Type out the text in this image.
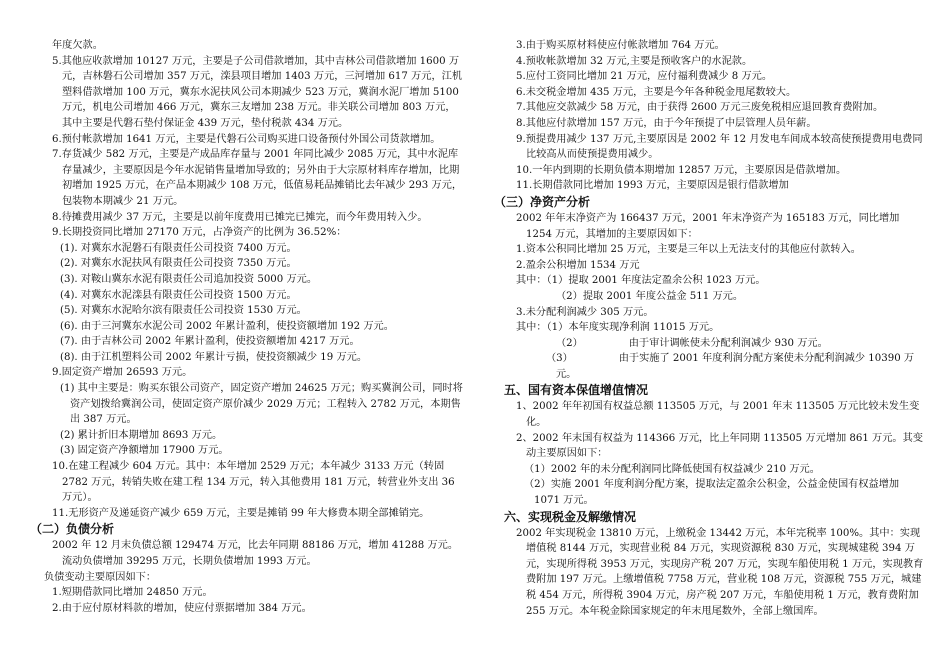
年度欠款。

5.其他应收款增加 10127 万元，主要是子公司借款增加，其中吉林公司借款增加 1600 万元，吉林磐石公司增加 357 万元，滦县项目增加 1403 万元，三河增加 617 万元，江机塑料借款增加 100 万元，冀东水泥扶风公司本期减少 523 万元，冀润水泥厂增加 5100 万元，机电公司增加 466 万元，冀东三友增加 238 万元。非关联公司增加 803 万元，其中主要是代磐石垫付保证金 439 万元，垫付税款 434 万元。

6.预付帐款增加 1641 万元，主要是代磐石公司购买进口设备预付外国公司货款增加。

7.存货减少 582 万元，主要是产成品库存量与 2001 年同比减少 2085 万元，其中水泥库存量减少，主要原因是今年水泥销售量增加导致的；另外由于大宗原材料库存增加，比期初增加 1925 万元，在产品本期减少 108 万元，低值易耗品摊销比去年减少 293 万元，包装物本期减少 21 万元。

8.待摊费用减少 37 万元，主要是以前年度费用已摊完已摊完，而今年费用转入少。

9.长期投资同比增加 27170 万元，占净资产的比例为 36.52%：

(1). 对冀东水泥磐石有限责任公司投资 7400 万元。

(2). 对冀东水泥扶风有限责任公司投资 7350 万元。

(3). 对鞍山冀东水泥有限责任公司追加投资 5000 万元。

(4). 对冀东水泥滦县有限责任公司投资 1500 万元。

(5). 对冀东水泥哈尔滨有限责任公司投资 1530 万元。

(6). 由于三河冀东水泥公司 2002 年累计盈利，使投资额增加 192 万元。

(7). 由于吉林公司 2002 年累计盈利，使投资额增加 4217 万元。

(8). 由于江机塑料公司 2002 年累计亏损，使投资额减少 19 万元。

9.固定资产增加 26593 万元。

(1) 其中主要是：购买东银公司资产，固定资产增加 24625 万元；购买冀润公司，同时将资产划拨给冀润公司，使固定资产原价减少 2029 万元；工程转入 2782 万元，本期售出 387 万元。

(2) 累计折旧本期增加 8693 万元。

(3) 固定资产净额增加 17900 万元。

10.在建工程减少 604 万元。其中：本年增加 2529 万元；本年减少 3133 万元（转固 2782 万元，转销失败在建工程 134 万元，转入其他费用 181 万元，转营业外支出 36 万元）。

11.无形资产及递延资产减少 659 万元，主要是摊销 99 年大修费本期全部摊销完。

（二）负债分析

2002 年 12 月末负债总额 129474 万元，比去年同期 88186 万元，增加 41288 万元。流动负债增加 39295 万元，长期负债增加 1993 万元。

负债变动主要原因如下：

1.短期借款同比增加 24850 万元。

2.由于应付原材料款的增加，使应付票据增加 384 万元。

3.由于购买原材料使应付帐款增加 764 万元。

4.预收帐款增加 32 万元,主要是预收客户的水泥款。

5.应付工资同比增加 21 万元，应付福利费减少 8 万元。

6.未交税金增加 435 万元，主要是今年各种税金甩尾数较大。

7.其他应交款减少 58 万元，由于获得 2600 万元三废免税相应退回教育费附加。

8.其他应付款增加 157 万元，由于今年预提了中层管理人员年薪。

9.预提费用减少 137 万元,主要原因是 2002 年 12 月发电车间成本较高使预提费用电费同比较高从而使预提费用减少。

10.一年内到期的长期负债本期增加 12857 万元，主要原因是借款增加。

11.长期借款同比增加 1993 万元，主要原因是银行借款增加

（三）净资产分析

2002 年年末净资产为 166437 万元，2001 年末净资产为 165183 万元，同比增加 1254 万元，其增加的主要原因如下：

1.资本公积同比增加 25 万元，主要是三年以上无法支付的其他应付款转入。

2.盈余公积增加 1534 万元

其中：（1）提取 2001 年度法定盈余公积 1023 万元。

（2）提取 2001 年度公益金 511 万元。

3.未分配利润减少 305 万元。

其中：（1）本年度实现净利润 11015 万元。

（2）　　　　　由于审计调帐使未分配利润减少 930 万元。

（3）　　　　　由于实施了 2001 年度利润分配方案使未分配利润减少 10390 万元。

五、国有资本保值增值情况

1、2002 年年初国有权益总额 113505 万元，与 2001 年末 113505 万元比较未发生变化。

2、2002 年末国有权益为 114366 万元，比上年同期 113505 万元增加 861 万元。其变动主要原因如下：

（1）2002 年的未分配利润同比降低使国有权益减少 210 万元。

（2）实施 2001 年度利润分配方案，提取法定盈余公积金，公益金使国有权益增加 1071 万元。

六、实现税金及解缴情况

2002 年实现税金 13810 万元，上缴税金 13442 万元，本年完税率 100%。其中：实现增值税 8144 万元，实现营业税 84 万元，实现资源税 830 万元，实现城建税 394 万元，实现所得税 3953 万元，实现房产税 207 万元，实现车船使用税 1 万元，实现教育费附加 197 万元。上缴增值税 7758 万元，营业税 108 万元，资源税 755 万元，城建税 454 万元，所得税 3904 万元，房产税 207 万元，车船使用税 1 万元，教育费附加 255 万元。本年税金除国家规定的年末甩尾数外，全部上缴国库。
